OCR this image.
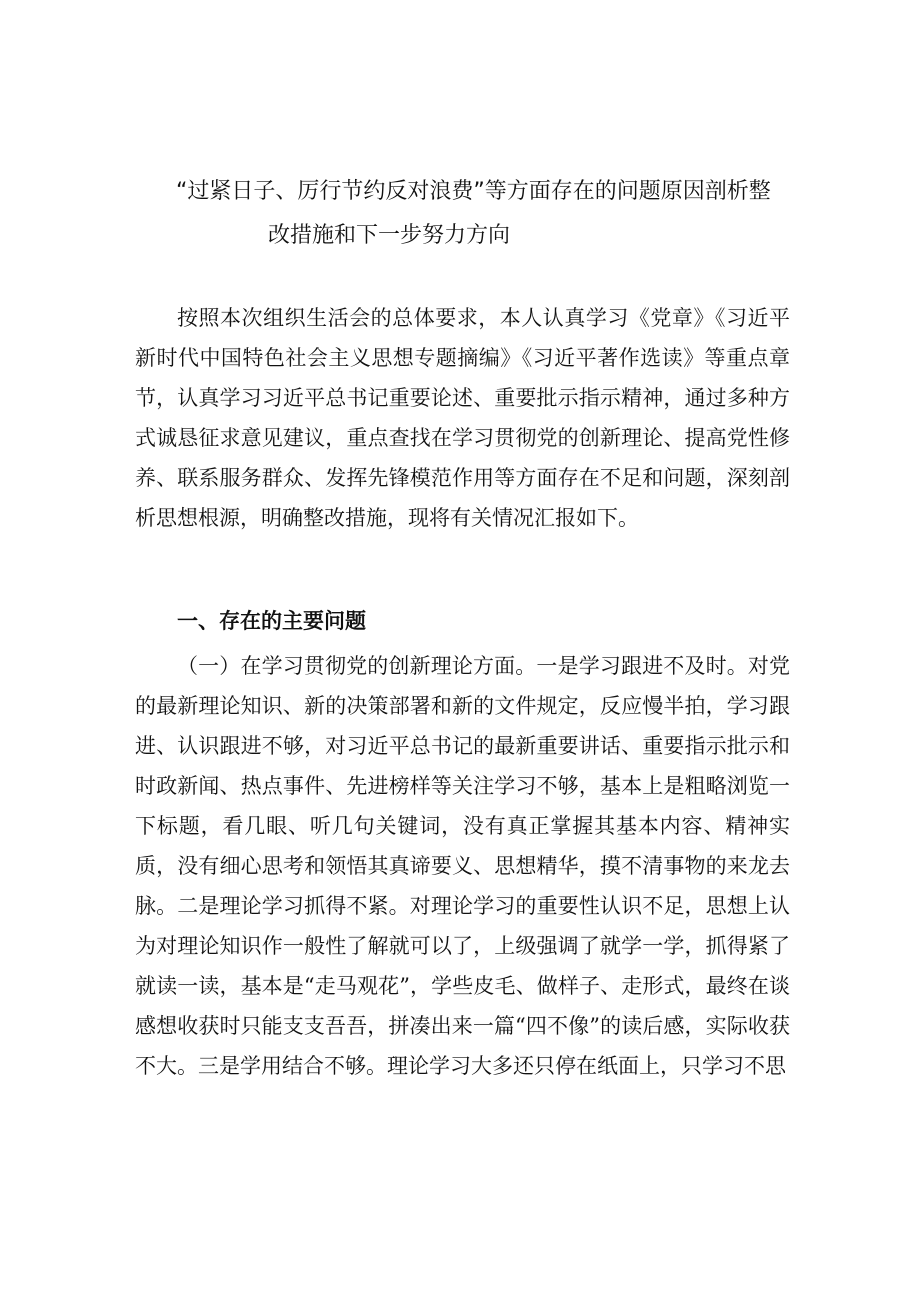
“过紧日子、厉行节约反对浪费”等方面存在的问题原因剖析整
改措施和下一步努力方向

按照本次组织生活会的总体要求，本人认真学习《党章》《习近平新时代中国特色社会主义思想专题摘编》《习近平著作选读》等重点章节，认真学习习近平总书记重要论述、重要批示指示精神，通过多种方式诚恳征求意见建议，重点查找在学习贯彻党的创新理论、提高党性修养、联系服务群众、发挥先锋模范作用等方面存在不足和问题，深刻剖析思想根源，明确整改措施，现将有关情况汇报如下。

一、存在的主要问题

（一）在学习贯彻党的创新理论方面。一是学习跟进不及时。对党的最新理论知识、新的决策部署和新的文件规定，反应慢半拍，学习跟进、认识跟进不够，对习近平总书记的最新重要讲话、重要指示批示和时政新闻、热点事件、先进榜样等关注学习不够，基本上是粗略浏览一下标题，看几眼、听几句关键词，没有真正掌握其基本内容、精神实质，没有细心思考和领悟其真谛要义、思想精华，摸不清事物的来龙去脉。二是理论学习抓得不紧。对理论学习的重要性认识不足，思想上认为对理论知识作一般性了解就可以了，上级强调了就学一学，抓得紧了就读一读，基本是“走马观花”，学些皮毛、做样子、走形式，最终在谈感想收获时只能支支吾吾，拼凑出来一篇“四不像”的读后感，实际收获不大。三是学用结合不够。理论学习大多还只停在纸面上，只学习不思
